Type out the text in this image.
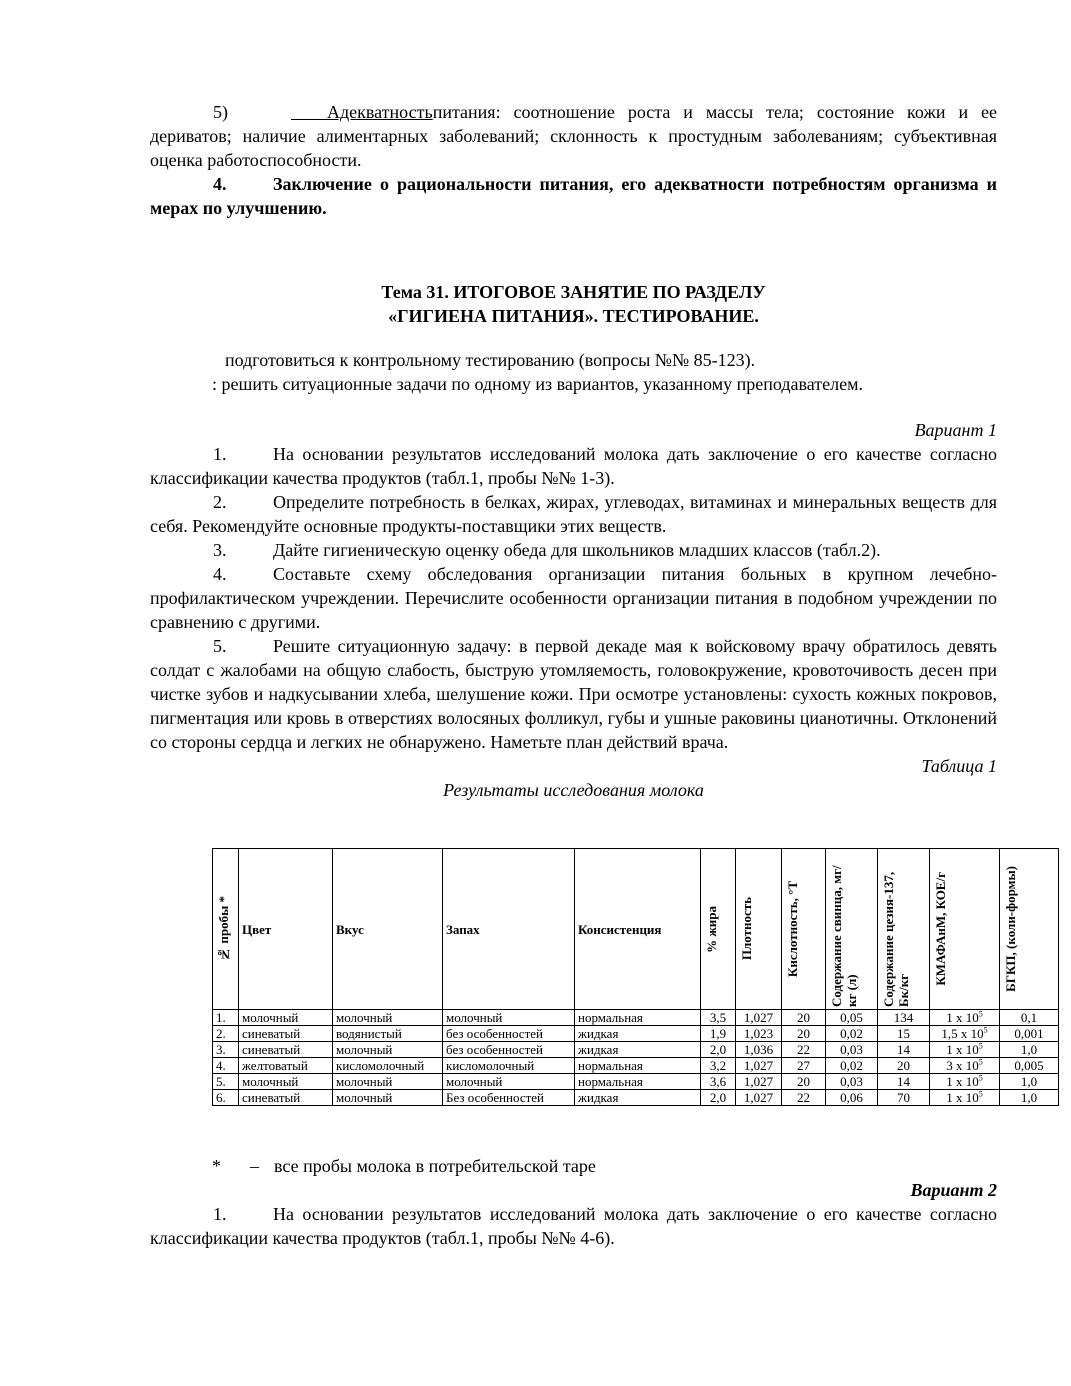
5)	Адекватностьпитания: соотношение роста и массы тела; состояние кожи и ее дериватов; наличие алиментарных заболеваний; склонность к простудным заболеваниям; субъективная оценка работоспособности.

4.	Заключение о рациональности питания, его адекватности потребностям организма и мерах по улучшению.

Тема 31. ИТОГОВОЕ ЗАНЯТИЕ ПО РАЗДЕЛУ
«ГИГИЕНА ПИТАНИЯ». ТЕСТИРОВАНИЕ.

подготовиться к контрольному тестированию (вопросы №№ 85-123).

: решить ситуационные задачи по одному из вариантов, указанному преподавателем.

Вариант 1

1.	На основании результатов исследований молока дать заключение о его качестве согласно классификации качества продуктов (табл.1, пробы №№ 1-3).

2.	Определите потребность в белках, жирах, углеводах, витаминах и минеральных веществ для себя. Рекомендуйте основные продукты-поставщики этих веществ.

3.	Дайте гигиеническую оценку обеда для школьников младших классов (табл.2).

4.	Составьте схему обследования организации питания больных в крупном лечебно-профилактическом учреждении. Перечислите особенности организации питания в подобном учреждении по сравнению с другими.

5.	Решите ситуационную задачу: в первой декаде мая к войсковому врачу обратилось девять солдат с жалобами на общую слабость, быструю утомляемость, головокружение, кровоточивость десен при чистке зубов и надкусывании хлеба, шелушение кожи. При осмотре установлены: сухость кожных покровов, пигментация или кровь в отверстиях волосяных фолликул, губы и ушные раковины цианотичны. Отклонений со стороны сердца и легких не обнаружено. Наметьте план действий врача.

Таблица 1

Результаты исследования молока

№ пробы *	Цвет	Вкус	Запах	Консистенция	% жира	Плотность	Кислотность, °Т	Содержание свинца, мг/кг (л)	Содержание цезия-137, Бк/кг	КМАФАнМ, КОЕ/г	БГКП, (коли-формы)
1.	молочный	молочный	молочный	нормальная	3,5	1,027	20	0,05	134	1 x $10^5$	0,1
2.	синеватый	водянистый	без особенностей	жидкая	1,9	1,023	20	0,02	15	1,5 x $10^5$	0,001
3.	синеватый	молочный	без особенностей	жидкая	2,0	1,036	22	0,03	14	1 x $10^5$	1,0
4.	желтоватый	кисломолочный	кисломолочный	нормальная	3,2	1,027	27	0,02	20	3 x $10^5$	0,005
5.	молочный	молочный	молочный	нормальная	3,6	1,027	20	0,03	14	1 x $10^5$	1,0
6.	синеватый	молочный	Без особенностей	жидкая	2,0	1,027	22	0,06	70	1 x $10^5$	1,0
* – все пробы молока в потребительской таре

Вариант 2

1.	На основании результатов исследований молока дать заключение о его качестве согласно классификации качества продуктов (табл.1, пробы №№ 4-6).
